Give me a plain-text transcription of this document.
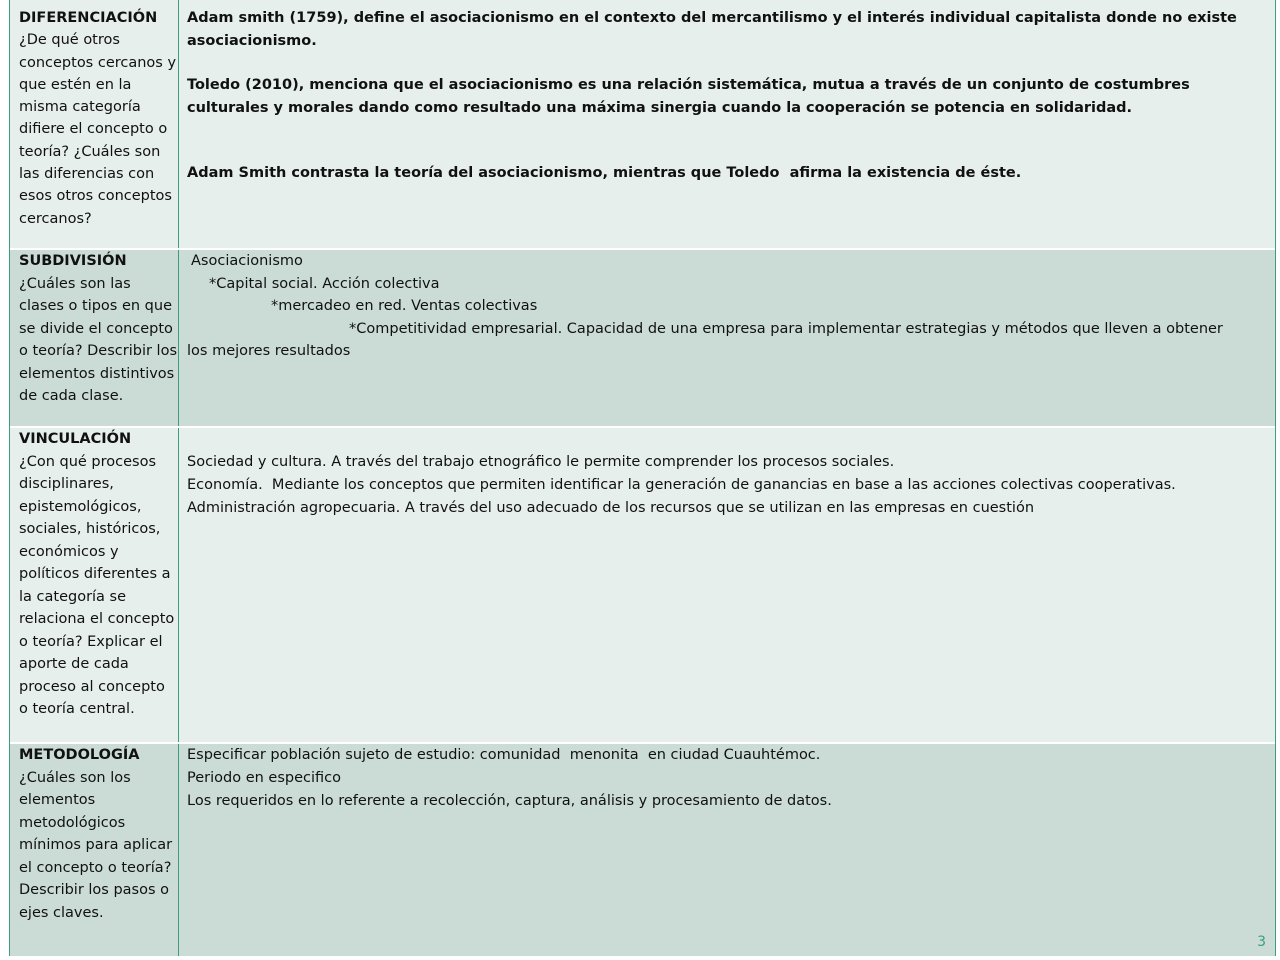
DIFERENCIACIÓN
¿De qué otros conceptos cercanos y que estén en la misma categoría difiere el concepto o teoría? ¿Cuáles son las diferencias con esos otros conceptos cercanos?
Adam smith (1759), define el asociacionismo en el contexto del mercantilismo y el interés individual capitalista donde no existe asociacionismo.
Toledo (2010), menciona que el asociacionismo es una relación sistemática, mutua a través de un conjunto de costumbres culturales y morales dando como resultado una máxima sinergia cuando la cooperación se potencia en solidaridad.
Adam Smith contrasta la teoría del asociacionismo, mientras que Toledo  afirma la existencia de éste.
SUBDIVISIÓN
¿Cuáles son las clases o tipos en que se divide el concepto o teoría? Describir los elementos distintivos de cada clase.
Asociacionismo
*Capital social. Acción colectiva
*mercadeo en red. Ventas colectivas
*Competitividad empresarial. Capacidad de una empresa para implementar estrategias y métodos que lleven a obtener
los mejores resultados
VINCULACIÓN
¿Con qué procesos disciplinares, epistemológicos, sociales, históricos, económicos y políticos diferentes a la categoría se relaciona el concepto o teoría? Explicar el aporte de cada proceso al concepto o teoría central.
Sociedad y cultura. A través del trabajo etnográfico le permite comprender los procesos sociales.
Economía.  Mediante los conceptos que permiten identificar la generación de ganancias en base a las acciones colectivas cooperativas.
Administración agropecuaria. A través del uso adecuado de los recursos que se utilizan en las empresas en cuestión
METODOLOGÍA
¿Cuáles son los elementos metodológicos mínimos para aplicar el concepto o teoría? Describir los pasos o ejes claves.
Especificar población sujeto de estudio: comunidad  menonita  en ciudad Cuauhtémoc.
Periodo en especifico
Los requeridos en lo referente a recolección, captura, análisis y procesamiento de datos.
3
